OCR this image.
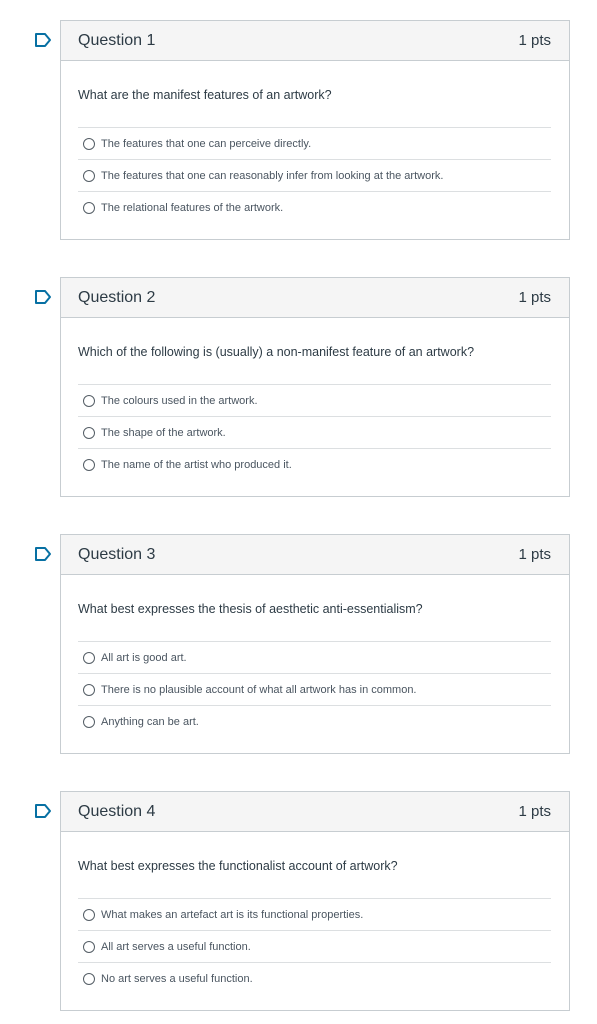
Question 1	1 pts
What are the manifest features of an artwork?
The features that one can perceive directly.
The features that one can reasonably infer from looking at the artwork.
The relational features of the artwork.
Question 2	1 pts
Which of the following is (usually) a non-manifest feature of an artwork?
The colours used in the artwork.
The shape of the artwork.
The name of the artist who produced it.
Question 3	1 pts
What best expresses the thesis of aesthetic anti-essentialism?
All art is good art.
There is no plausible account of what all artwork has in common.
Anything can be art.
Question 4	1 pts
What best expresses the functionalist account of artwork?
What makes an artefact art is its functional properties.
All art serves a useful function.
No art serves a useful function.
